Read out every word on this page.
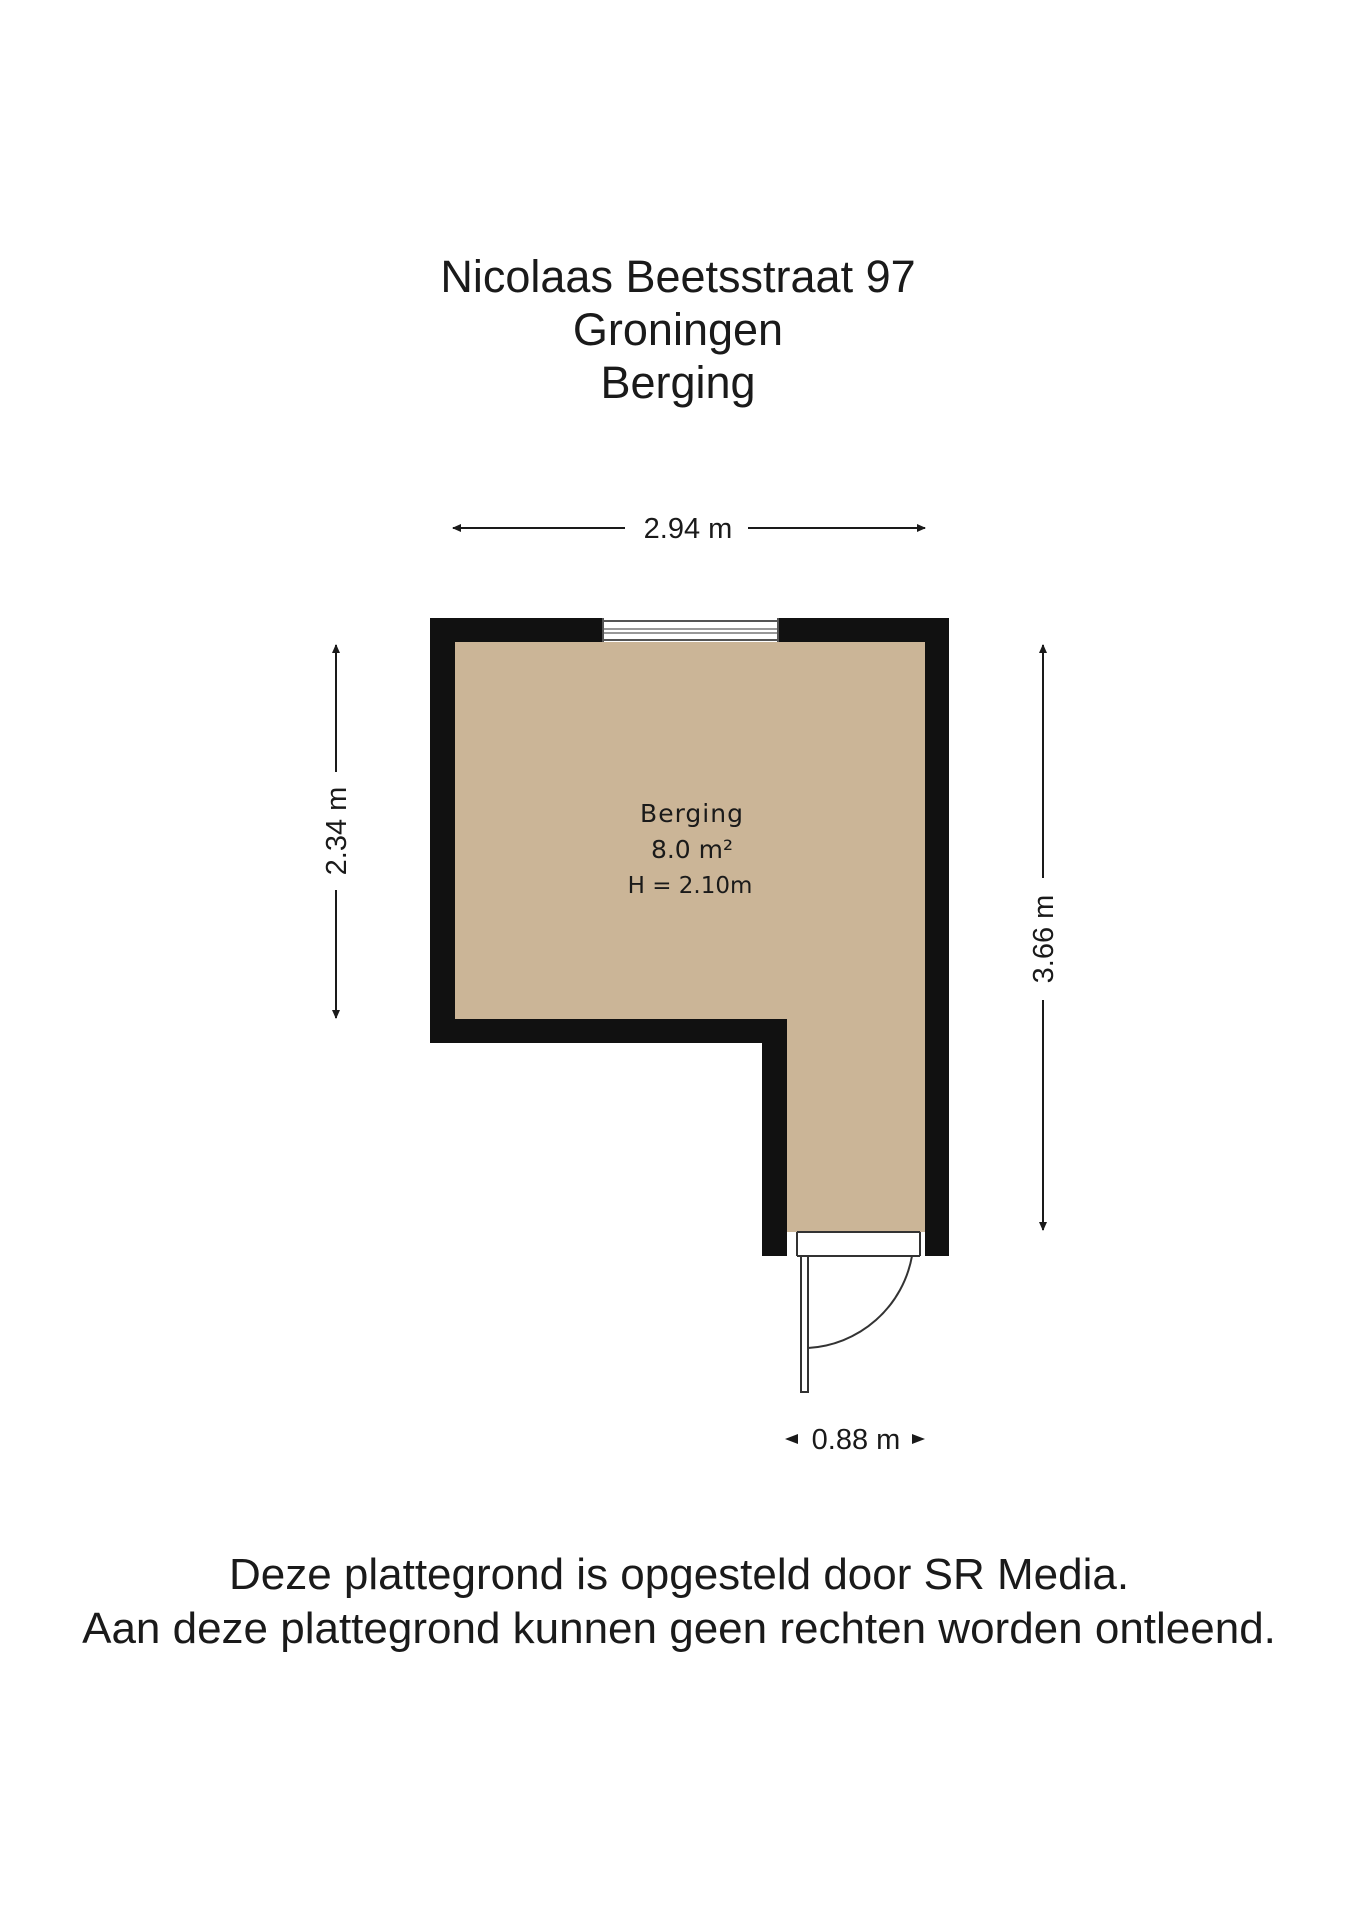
Nicolaas Beetsstraat 97
Groningen
Berging
Berging
8.0 m²
H = 2.10m
2.94 m
2.34 m
3.66 m
0.88 m
Deze plattegrond is opgesteld door SR Media.
Aan deze plattegrond kunnen geen rechten worden ontleend.
